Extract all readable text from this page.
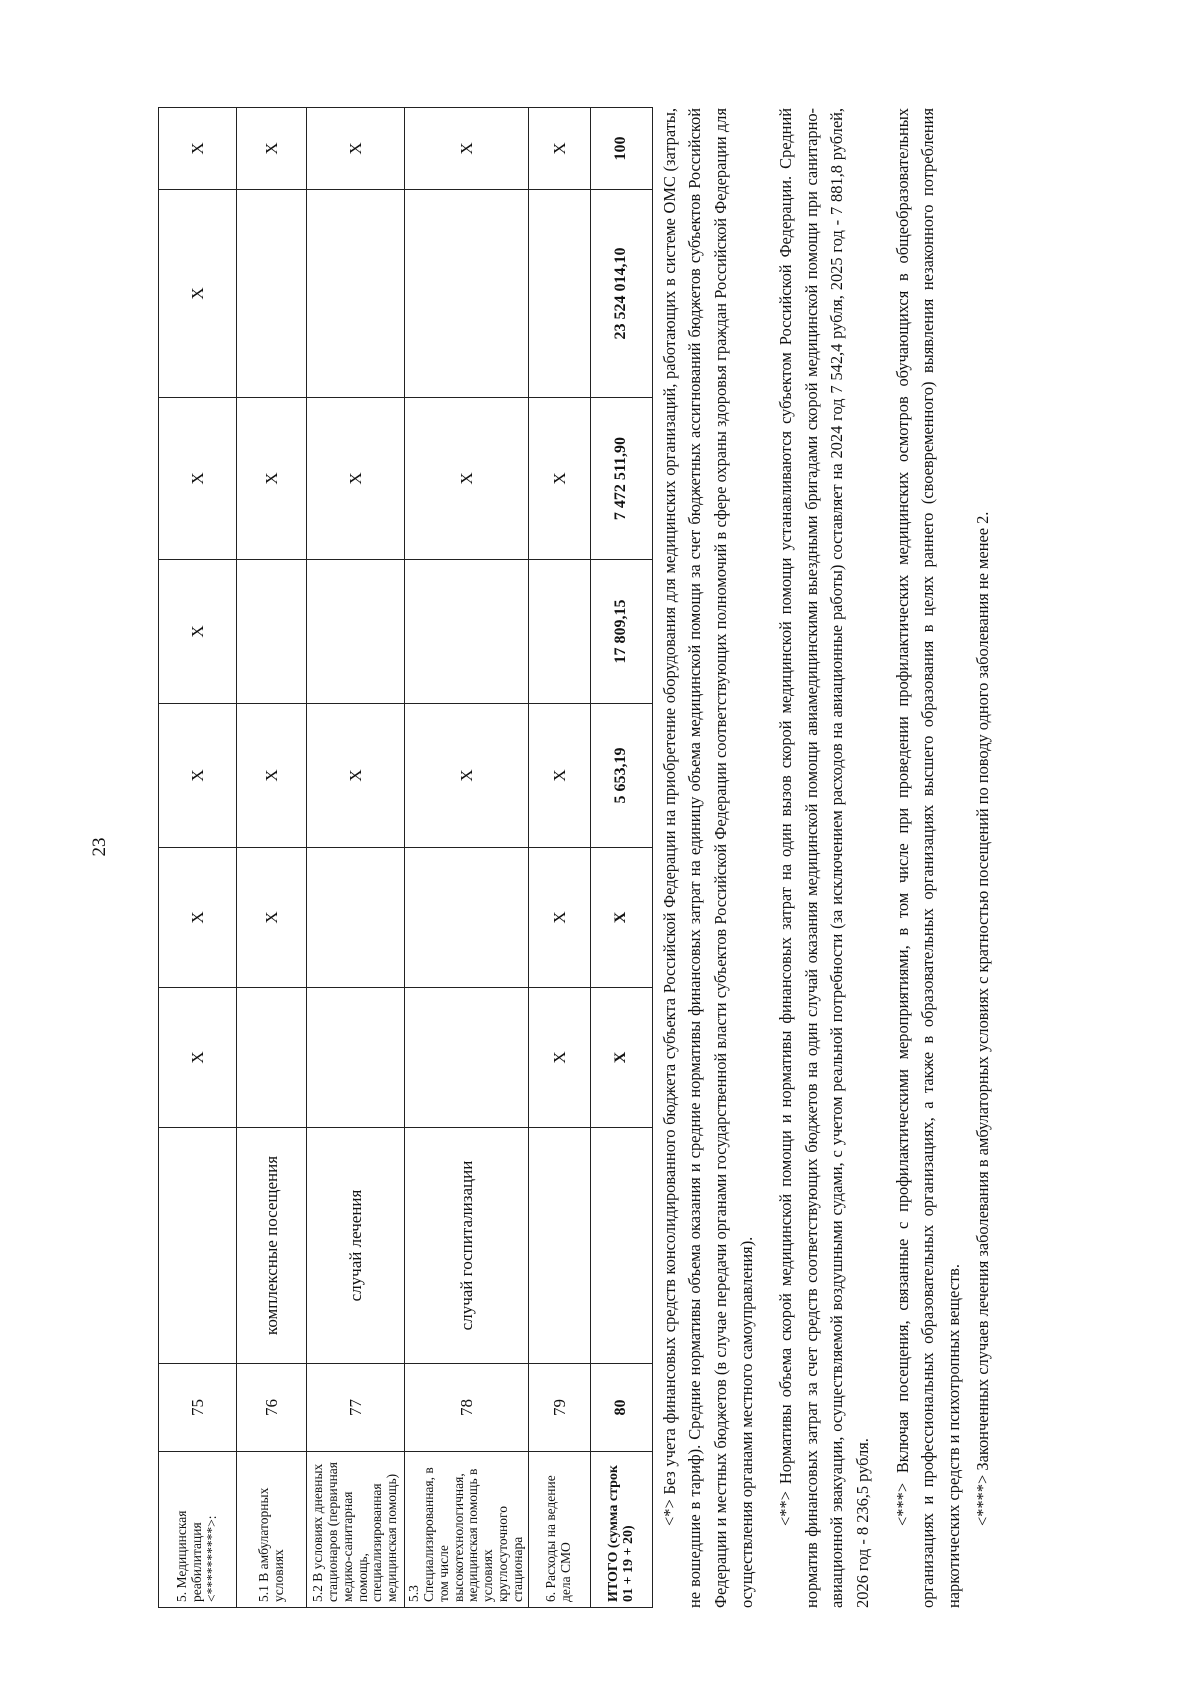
23
5. Медицинская реабилитация <**********>:	75		X	X	X	X	X	X	X
5.1 В амбулаторных условиях	76	комплексные посещения		X	X		X		X
5.2 В условиях дневных стационаров (первичная медико-санитарная помощь, специализированная медицинская помощь)	77	случай лечения			X		X		X
5.3 Специализированная, в том числе высокотехнологичная, медицинская помощь в условиях круглосуточного стационара	78	случай госпитализации			X		X		X
6. Расходы на ведение дела СМО	79		X	X	X		X		X
ИТОГО (сумма строк 01 + 19 + 20)	80		X	X	5 653,19	17 809,15	7 472 511,90	23 524 014,10	100 <*> Без учета финансовых средств консолидированного бюджета субъекта Российской Федерации на приобретение оборудования для медицинских организаций, работающих в системе ОМС (затраты, не вошедшие в тариф). Средние нормативы объема оказания и средние нормативы финансовых затрат на единицу объема медицинской помощи за счет бюджетных ассигнований бюджетов субъектов Российской Федерации и местных бюджетов (в случае передачи органами государственной власти субъектов Российской Федерации соответствующих полномочий в сфере охраны здоровья граждан Российской Федерации для осуществления органами местного самоуправления). <**> Нормативы объема скорой медицинской помощи и нормативы финансовых затрат на один вызов скорой медицинской помощи устанавливаются субъектом Российской Федерации. Средний норматив финансовых затрат за счет средств соответствующих бюджетов на один случай оказания медицинской помощи авиамедицинскими выездными бригадами скорой медицинской помощи при санитарно-авиационной эвакуации, осуществляемой воздушными судами, с учетом реальной потребности (за исключением расходов на авиационные работы) составляет на 2024 год 7 542,4 рубля, 2025 год - 7 881,8 рублей, 2026 год - 8 236,5 рубля. <***> Включая посещения, связанные с профилактическими мероприятиями, в том числе при проведении профилактических медицинских осмотров обучающихся в общеобразовательных организациях и профессиональных образовательных организациях, а также в образовательных организациях высшего образования в целях раннего (своевременного) выявления незаконного потребления наркотических средств и психотропных веществ. <****> Законченных случаев лечения заболевания в амбулаторных условиях с кратностью посещений по поводу одного заболевания не менее 2.
